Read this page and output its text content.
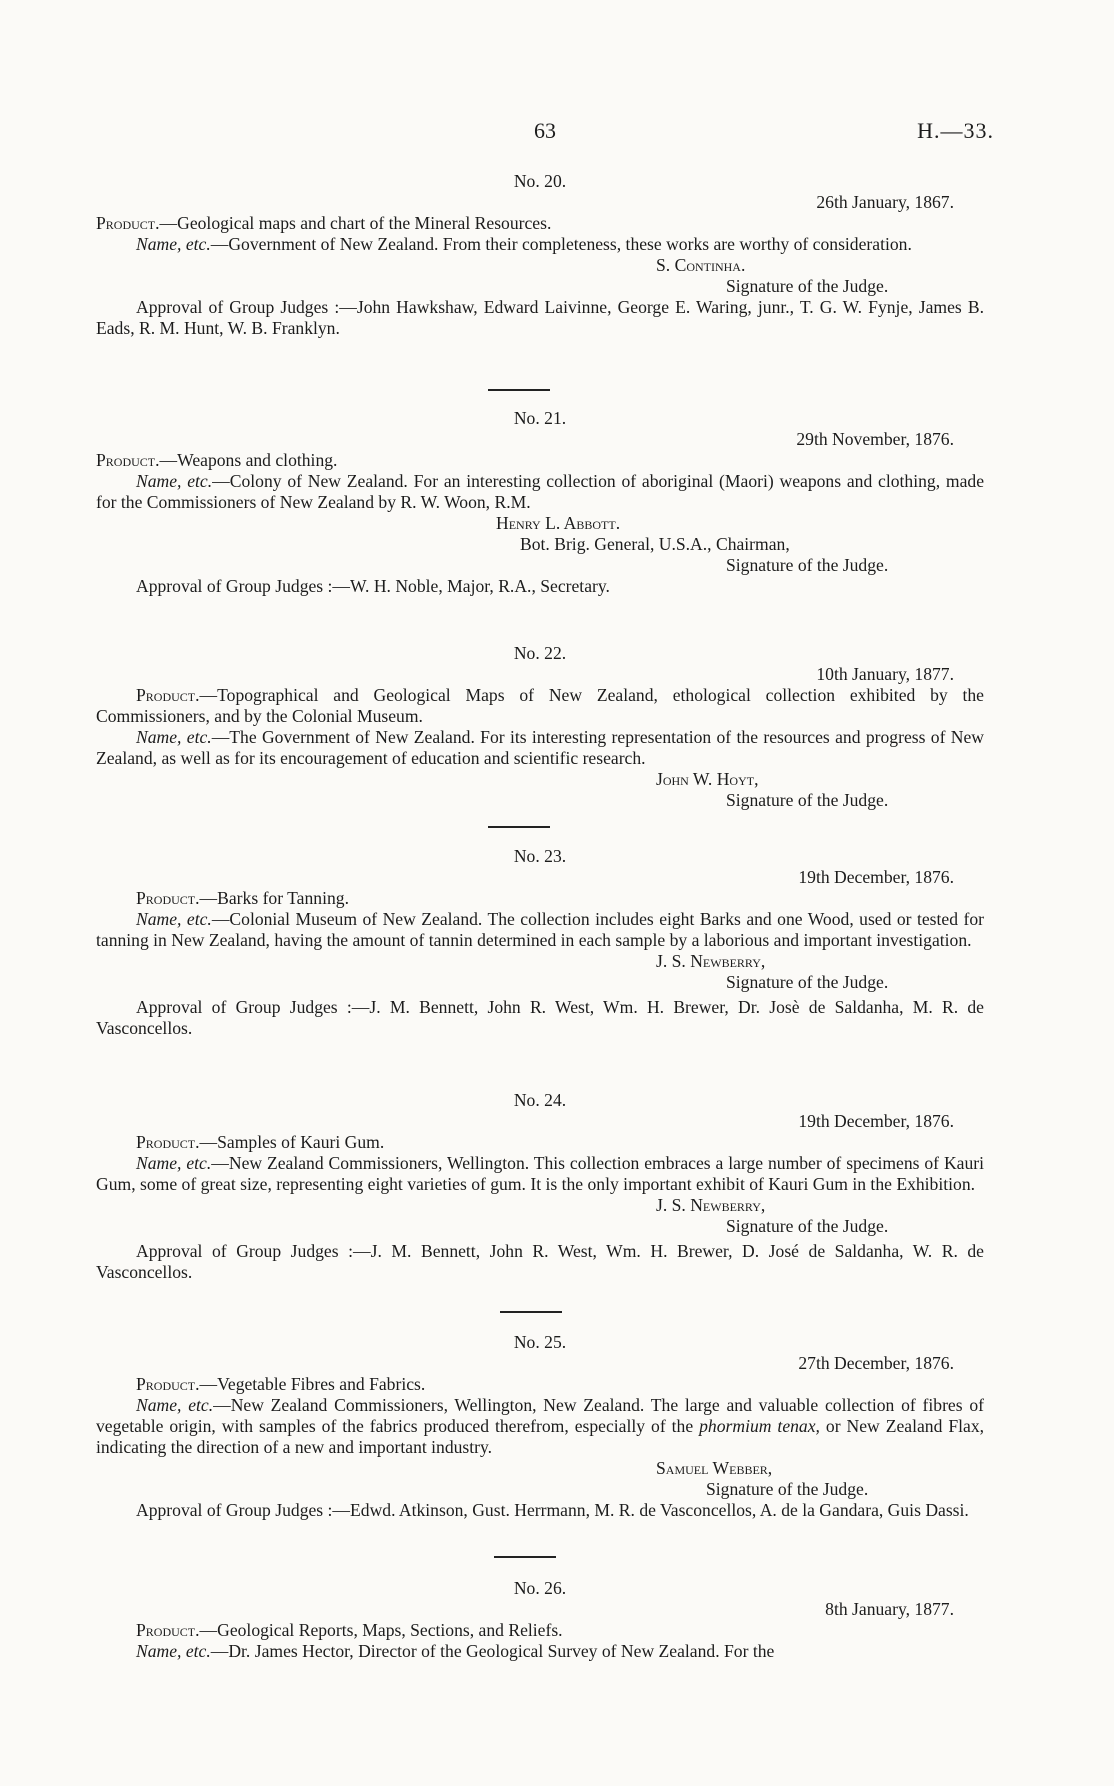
63	H.—33.
No. 20.
26th January, 1867.

Product.—Geological maps and chart of the Mineral Resources.

Name, etc.—Government of New Zealand. From their completeness, these works are worthy of consideration.

S. Continha.
Signature of the Judge.

Approval of Group Judges :—John Hawkshaw, Edward Laivinne, George E. Waring, junr., T. G. W. Fynje, James B. Eads, R. M. Hunt, W. B. Franklyn.

No. 21.
29th November, 1876.

Product.—Weapons and clothing.

Name, etc.—Colony of New Zealand. For an interesting collection of aboriginal (Maori) weapons and clothing, made for the Commissioners of New Zealand by R. W. Woon, R.M.

Henry L. Abbott.
Bot. Brig. General, U.S.A., Chairman,
Signature of the Judge.

Approval of Group Judges :—W. H. Noble, Major, R.A., Secretary.

No. 22.
10th January, 1877.

Product.—Topographical and Geological Maps of New Zealand, ethological collection exhibited by the Commissioners, and by the Colonial Museum.

Name, etc.—The Government of New Zealand. For its interesting representation of the resources and progress of New Zealand, as well as for its encouragement of education and scientific research.

John W. Hoyt,
Signature of the Judge.
No. 23.
19th December, 1876.

Product.—Barks for Tanning.

Name, etc.—Colonial Museum of New Zealand. The collection includes eight Barks and one Wood, used or tested for tanning in New Zealand, having the amount of tannin determined in each sample by a laborious and important investigation.

J. S. Newberry,
Signature of the Judge.

Approval of Group Judges :—J. M. Bennett, John R. West, Wm. H. Brewer, Dr. Josè de Saldanha, M. R. de Vasconcellos.

No. 24.
19th December, 1876.

Product.—Samples of Kauri Gum.

Name, etc.—New Zealand Commissioners, Wellington. This collection embraces a large number of specimens of Kauri Gum, some of great size, representing eight varieties of gum. It is the only important exhibit of Kauri Gum in the Exhibition.

J. S. Newberry,
Signature of the Judge.

Approval of Group Judges :—J. M. Bennett, John R. West, Wm. H. Brewer, D. José de Saldanha, W. R. de Vasconcellos.

No. 25.
27th December, 1876.

Product.—Vegetable Fibres and Fabrics.

Name, etc.—New Zealand Commissioners, Wellington, New Zealand. The large and valuable collection of fibres of vegetable origin, with samples of the fabrics produced therefrom, especially of the phormium tenax, or New Zealand Flax, indicating the direction of a new and important industry.

Samuel Webber,
Signature of the Judge.

Approval of Group Judges :—Edwd. Atkinson, Gust. Herrmann, M. R. de Vasconcellos, A. de la Gandara, Guis Dassi.

No. 26.
8th January, 1877.

Product.—Geological Reports, Maps, Sections, and Reliefs.

Name, etc.—Dr. James Hector, Director of the Geological Survey of New Zealand. For the
